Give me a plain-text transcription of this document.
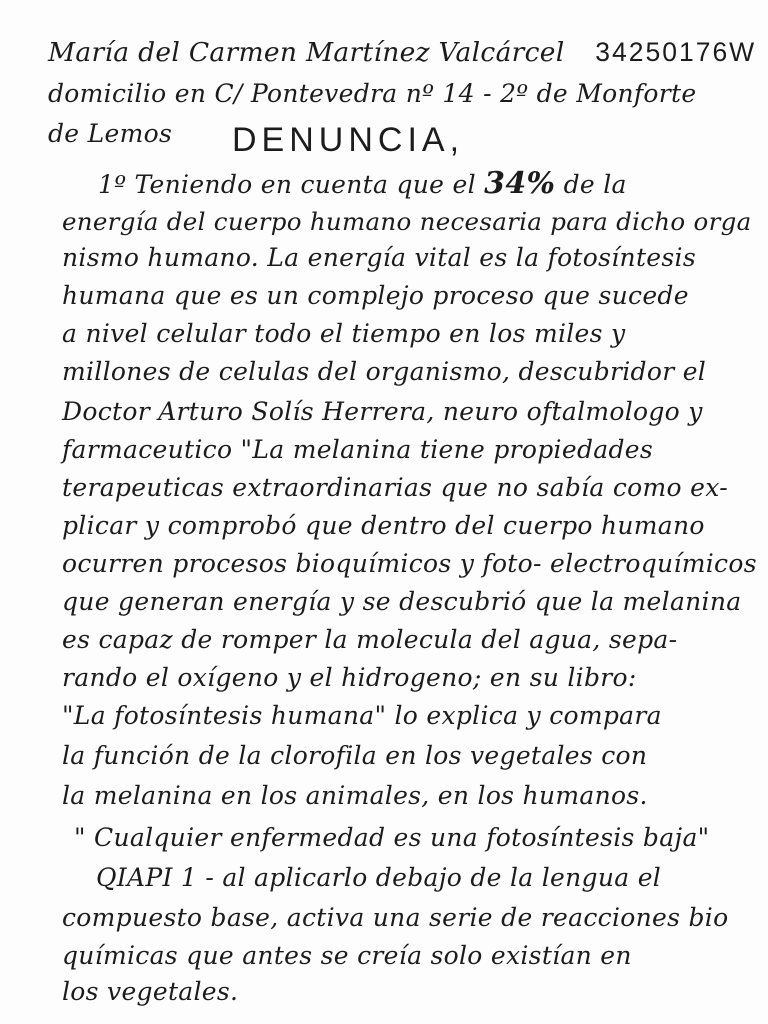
María del Carmen Martínez Valcárcel 34250176W
domicilio en C/ Pontevedra nº 14 - 2º de Monforte
de Lemos DENUNCIA,
1º Teniendo en cuenta que el 34% de la
energía del cuerpo humano necesaria para dicho orga
nismo humano. La energía vital es la fotosíntesis
humana que es un complejo proceso que sucede
a nivel celular todo el tiempo en los miles y
millones de celulas del organismo, descubridor el
Doctor Arturo Solís Herrera, neuro oftalmologo y
farmaceutico "La melanina tiene propiedades
terapeuticas extraordinarias que no sabía como ex-
plicar y comprobó que dentro del cuerpo humano
ocurren procesos bioquímicos y foto- electroquímicos
que generan energía y se descubrió que la melanina
es capaz de romper la molecula del agua, sepa-
rando el oxígeno y el hidrogeno; en su libro:
"La fotosíntesis humana" lo explica y compara
la función de la clorofila en los vegetales con
la melanina en los animales, en los humanos.
" Cualquier enfermedad es una fotosíntesis baja"
QIAPI 1 - al aplicarlo debajo de la lengua el
compuesto base, activa una serie de reacciones bio
químicas que antes se creía solo existían en
los vegetales.
